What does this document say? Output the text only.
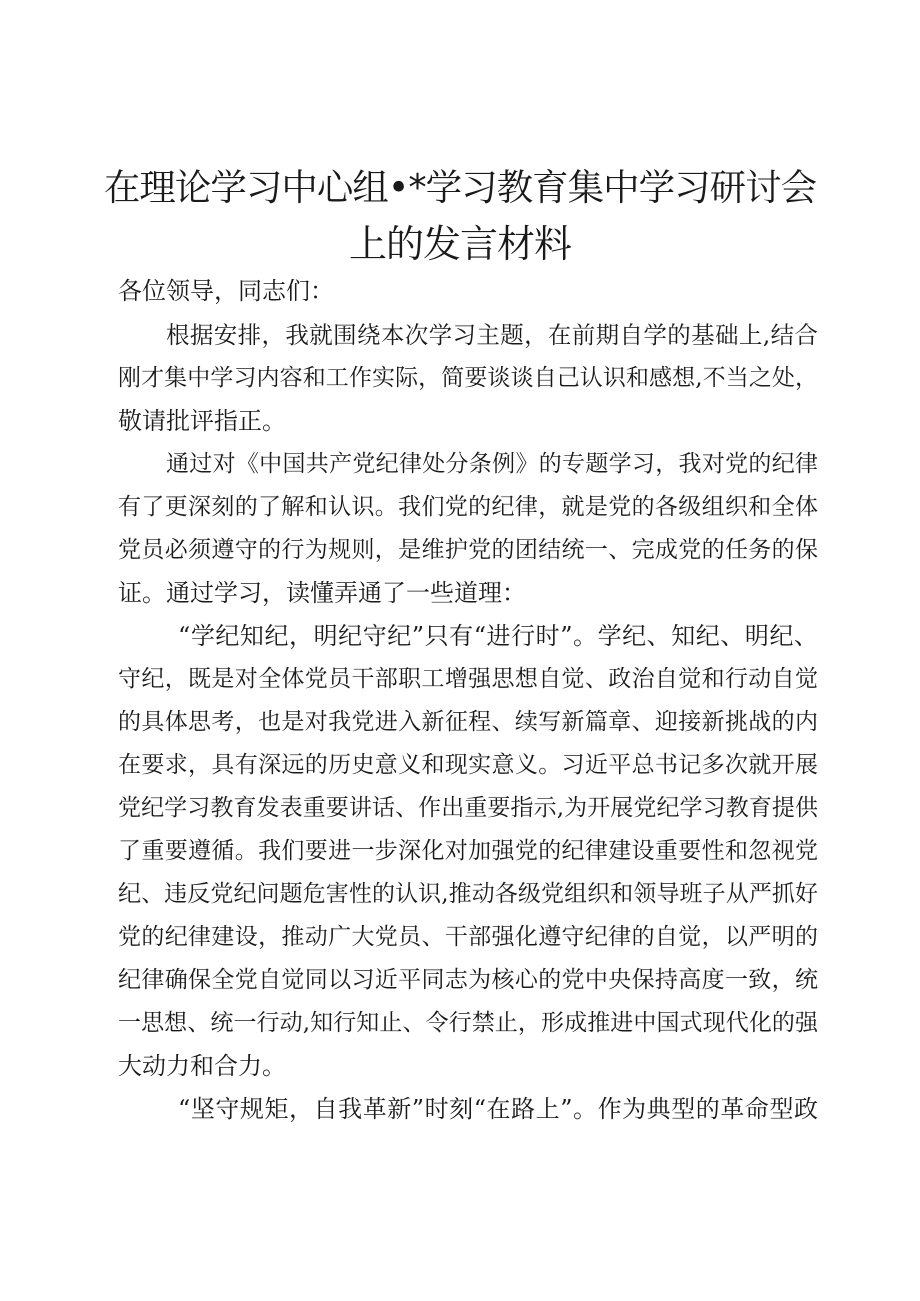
在理论学习中心组•*学习教育集中学习研讨会
上的发言材料
各位领导，同志们：
根据安排，我就围绕本次学习主题，在前期自学的基础上,结合
刚才集中学习内容和工作实际，简要谈谈自己认识和感想,不当之处，
敬请批评指正。
通过对《中国共产党纪律处分条例》的专题学习，我对党的纪律
有了更深刻的了解和认识。我们党的纪律，就是党的各级组织和全体
党员必须遵守的行为规则，是维护党的团结统一、完成党的任务的保
证。通过学习，读懂弄通了一些道理：
“学纪知纪，明纪守纪”只有“进行时”。学纪、知纪、明纪、
守纪，既是对全体党员干部职工增强思想自觉、政治自觉和行动自觉
的具体思考，也是对我党进入新征程、续写新篇章、迎接新挑战的内
在要求，具有深远的历史意义和现实意义。习近平总书记多次就开展
党纪学习教育发表重要讲话、作出重要指示,为开展党纪学习教育提供
了重要遵循。我们要进一步深化对加强党的纪律建设重要性和忽视党
纪、违反党纪问题危害性的认识,推动各级党组织和领导班子从严抓好
党的纪律建设，推动广大党员、干部强化遵守纪律的自觉，以严明的
纪律确保全党自觉同以习近平同志为核心的党中央保持高度一致，统
一思想、统一行动,知行知止、令行禁止，形成推进中国式现代化的强
大动力和合力。
“坚守规矩，自我革新”时刻“在路上”。作为典型的革命型政
